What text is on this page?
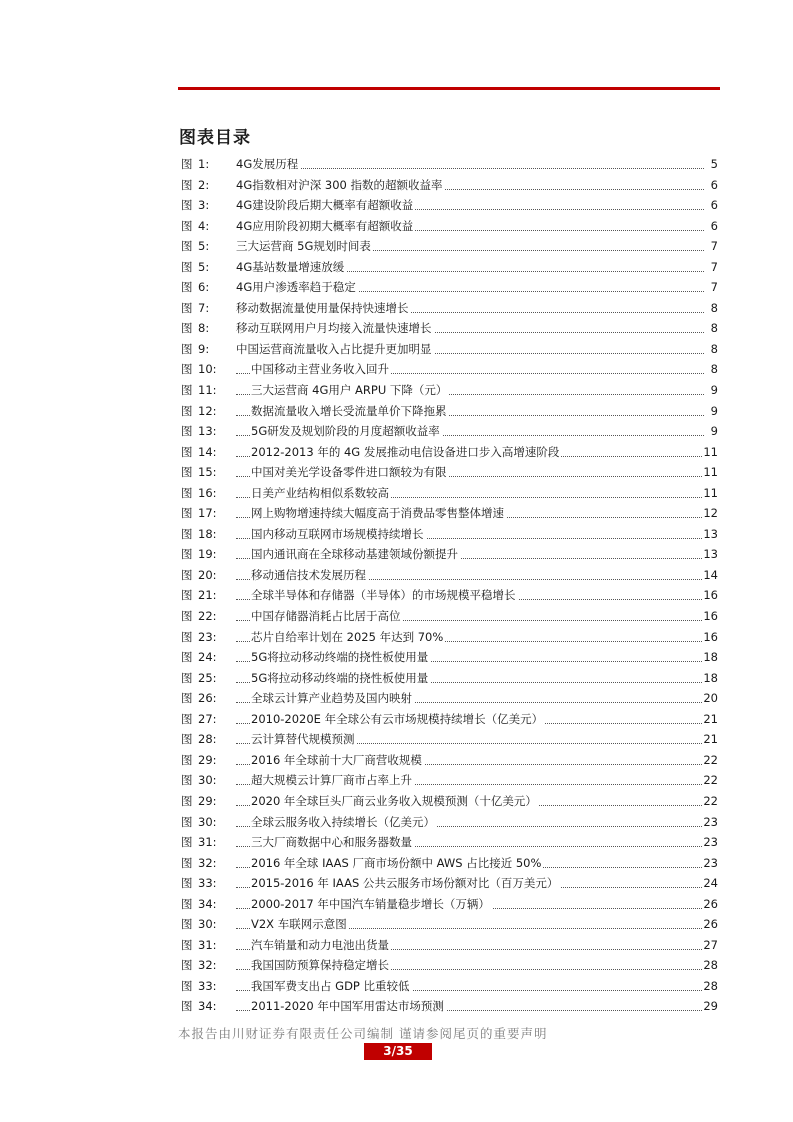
图表目录
图 1: 4G发展历程	5
图 2: 4G指数相对沪深 300 指数的超额收益率	6
图 3: 4G建设阶段后期大概率有超额收益	6
图 4: 4G应用阶段初期大概率有超额收益	6
图 5: 三大运营商 5G规划时间表	7
图 5: 4G基站数量增速放缓	7
图 6: 4G用户渗透率趋于稳定	7
图 7: 移动数据流量使用量保持快速增长	8
图 8: 移动互联网用户月均接入流量快速增长	8
图 9: 中国运营商流量收入占比提升更加明显	8
图 10:	中国移动主营业务收入回升	8
图 11:	三大运营商 4G用户 ARPU 下降（元）	9
图 12:	数据流量收入增长受流量单价下降拖累	9
图 13:	5G研发及规划阶段的月度超额收益率	9
图 14:	2012-2013 年的 4G 发展推动电信设备进口步入高增速阶段	11
图 15:	中国对美光学设备零件进口额较为有限	11
图 16:	日美产业结构相似系数较高	11
图 17:	网上购物增速持续大幅度高于消费品零售整体增速	12
图 18:	国内移动互联网市场规模持续增长	13
图 19:	国内通讯商在全球移动基建领域份额提升	13
图 20:	移动通信技术发展历程	14
图 21:	全球半导体和存储器（半导体）的市场规模平稳增长	16
图 22:	中国存储器消耗占比居于高位	16
图 23:	芯片自给率计划在 2025 年达到 70%	16
图 24:	5G将拉动移动终端的挠性板使用量	18
图 25:	5G将拉动移动终端的挠性板使用量	18
图 26:	全球云计算产业趋势及国内映射	20
图 27:	2010-2020E 年全球公有云市场规模持续增长（亿美元）	21
图 28:	云计算替代规模预测	21
图 29:	2016 年全球前十大厂商营收规模	22
图 30:	超大规模云计算厂商市占率上升	22
图 29:	2020 年全球巨头厂商云业务收入规模预测（十亿美元）	22
图 30:	全球云服务收入持续增长（亿美元）	23
图 31:	三大厂商数据中心和服务器数量	23
图 32:	2016 年全球 IAAS 厂商市场份额中 AWS 占比接近 50%	23
图 33:	2015-2016 年 IAAS 公共云服务市场份额对比（百万美元）	24
图 34:	2000-2017 年中国汽车销量稳步增长（万辆）	26
图 30:	V2X 车联网示意图	26
图 31:	汽车销量和动力电池出货量	27
图 32:	我国国防预算保持稳定增长	28
图 33:	我国军费支出占 GDP 比重较低	28
图 34:	2011-2020 年中国军用雷达市场预测	29
本报告由川财证券有限责任公司编制 谨请参阅尾页的重要声明
3/35
